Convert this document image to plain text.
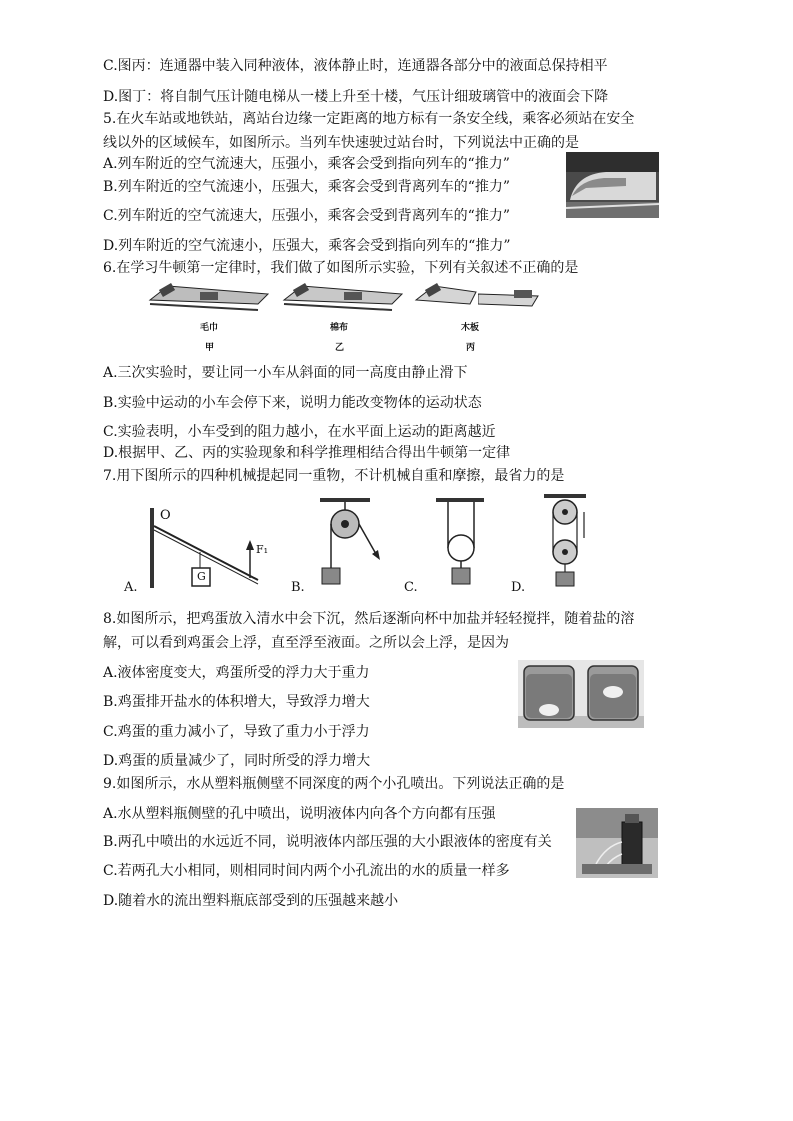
C.图丙：连通器中装入同种液体，液体静止时，连通器各部分中的液面总保持相平
D.图丁：将自制气压计随电梯从一楼上升至十楼，气压计细玻璃管中的液面会下降
5.在火车站或地铁站，离站台边缘一定距离的地方标有一条安全线，乘客必须站在安全
线以外的区域候车，如图所示。当列车快速驶过站台时，下列说法中正确的是
A.列车附近的空气流速大，压强小，乘客会受到指向列车的“推力”
B.列车附近的空气流速小，压强大，乘客会受到背离列车的“推力”
C.列车附近的空气流速大，压强小，乘客会受到背离列车的“推力”
D.列车附近的空气流速小，压强大，乘客会受到指向列车的“推力”
6.在学习牛顿第一定律时，我们做了如图所示实验，下列有关叙述不正确的是
A.三次实验时，要让同一小车从斜面的同一高度由静止滑下
B.实验中运动的小车会停下来，说明力能改变物体的运动状态
C.实验表明，小车受到的阻力越小，在水平面上运动的距离越近
D.根据甲、乙、丙的实验现象和科学推理相结合得出牛顿第一定律
7.用下图所示的四种机械提起同一重物，不计机械自重和摩擦，最省力的是
8.如图所示，把鸡蛋放入清水中会下沉，然后逐渐向杯中加盐并轻轻搅拌，随着盐的溶
解，可以看到鸡蛋会上浮，直至浮至液面。之所以会上浮，是因为
A.液体密度变大，鸡蛋所受的浮力大于重力
B.鸡蛋排开盐水的体积增大，导致浮力增大
C.鸡蛋的重力减小了，导致了重力小于浮力
D.鸡蛋的质量减少了，同时所受的浮力增大
9.如图所示，水从塑料瓶侧壁不同深度的两个小孔喷出。下列说法正确的是
A.水从塑料瓶侧壁的孔中喷出，说明液体内向各个方向都有压强
B.两孔中喷出的水远近不同，说明液体内部压强的大小跟液体的密度有关
C.若两孔大小相同，则相同时间内两个小孔流出的水的质量一样多
D.随着水的流出塑料瓶底部受到的压强越来越小
毛巾	棉布	木板
甲	乙	丙
O
G
F₁
A.	B.	C.	D.
